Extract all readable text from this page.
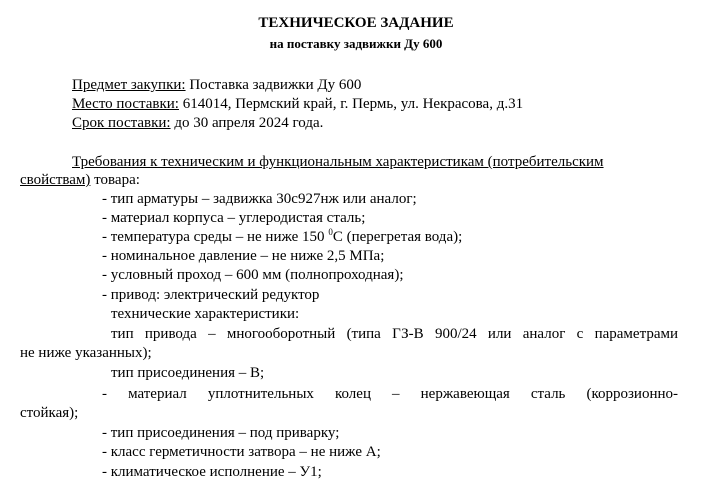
ТЕХНИЧЕСКОЕ ЗАДАНИЕ
на поставку задвижки Ду 600
Предмет закупки: Поставка задвижки Ду 600
Место поставки: 614014, Пермский край, г. Пермь, ул. Некрасова, д.31
Срок поставки: до 30 апреля 2024 года.
Требования к техническим и функциональным характеристикам (потребительским
свойствам) товара:
- тип арматуры – задвижка 30с927нж или аналог;
- материал корпуса – углеродистая сталь;
- температура среды – не ниже 150 $^0$С (перегретая вода);
- номинальное давление – не ниже 2,5 МПа;
- условный проход – 600 мм (полнопроходная);
- привод: электрический редуктор
технические характеристики:
тип привода – многооборотный (типа ГЗ-В 900/24 или аналог с параметрами
не ниже указанных);
тип присоединения – В;
- материал уплотнительных колец – нержавеющая сталь (коррозионно-
стойкая);
- тип присоединения – под приварку;
- класс герметичности затвора – не ниже А;
- климатическое исполнение – У1;
